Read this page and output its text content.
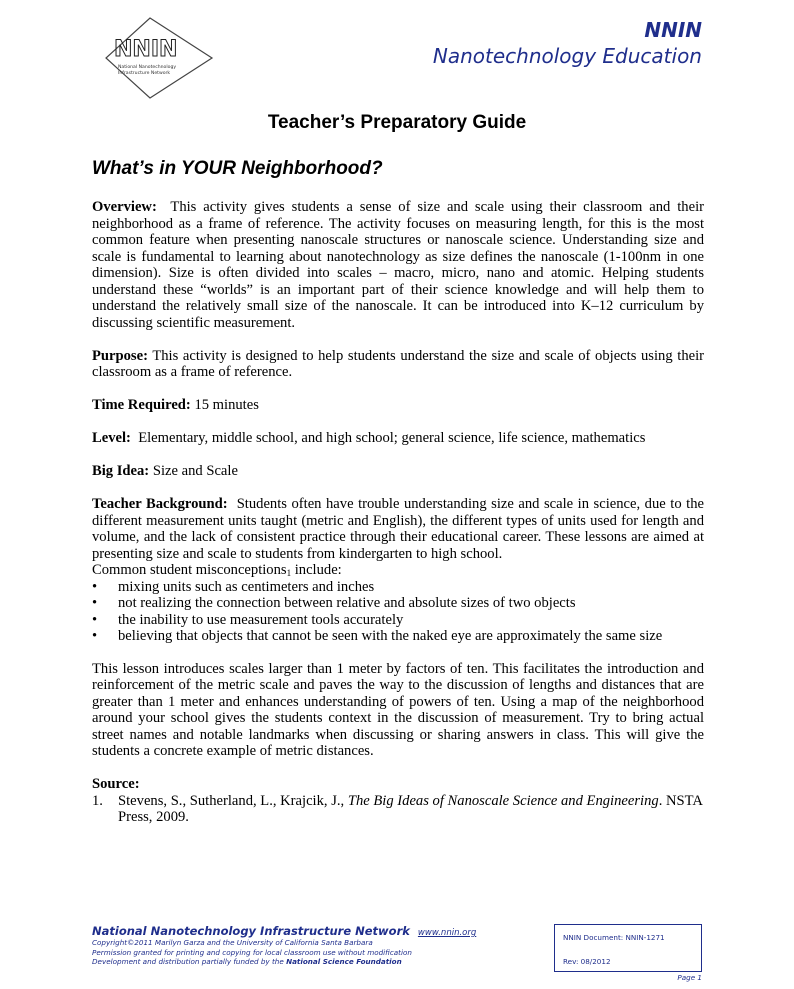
NNIN
National Nanotechnology
Infrastructure Network
NNIN
Nanotechnology Education
Teacher’s Preparatory Guide
What’s in YOUR Neighborhood?

Overview: This activity gives students a sense of size and scale using their classroom and their neighborhood as a frame of reference. The activity focuses on measuring length, for this is the most common feature when presenting nanoscale structures or nanoscale science. Understanding size and scale is fundamental to learning about nanotechnology as size defines the nanoscale (1-100nm in one dimension). Size is often divided into scales – macro, micro, nano and atomic. Helping students understand these “worlds” is an important part of their science knowledge and will help them to understand the relatively small size of the nanoscale. It can be introduced into K–12 curriculum by discussing scientific measurement.

Purpose: This activity is designed to help students understand the size and scale of objects using their classroom as a frame of reference.

Time Required: 15 minutes

Level: Elementary, middle school, and high school; general science, life science, mathematics

Big Idea: Size and Scale

Teacher Background: Students often have trouble understanding size and scale in science, due to the different measurement units taught (metric and English), the different types of units used for length and volume, and the lack of consistent practice through their educational career. These lessons are aimed at presenting size and scale to students from kindergarten to high school.

Common student misconceptions$_1$ include:
• mixing units such as centimeters and inches
• not realizing the connection between relative and absolute sizes of two objects
• the inability to use measurement tools accurately
• believing that objects that cannot be seen with the naked eye are approximately the same size

This lesson introduces scales larger than 1 meter by factors of ten. This facilitates the introduction and reinforcement of the metric scale and paves the way to the discussion of lengths and distances that are greater than 1 meter and enhances understanding of powers of ten. Using a map of the neighborhood around your school gives the students context in the discussion of measurement. Try to bring actual street names and notable landmarks when discussing or sharing answers in class. This will give the students a concrete example of metric distances.

Source:
1. Stevens, S., Sutherland, L., Krajcik, J., The Big Ideas of Nanoscale Science and Engineering. NSTA Press, 2009.
National Nanotechnology Infrastructure Network www.nnin.org
Copyright©2011 Marilyn Garza and the University of California Santa Barbara
Permission granted for printing and copying for local classroom use without modification
Development and distribution partially funded by the National Science Foundation
NNIN Document: NNIN-1271
Rev: 08/2012
Page 1
